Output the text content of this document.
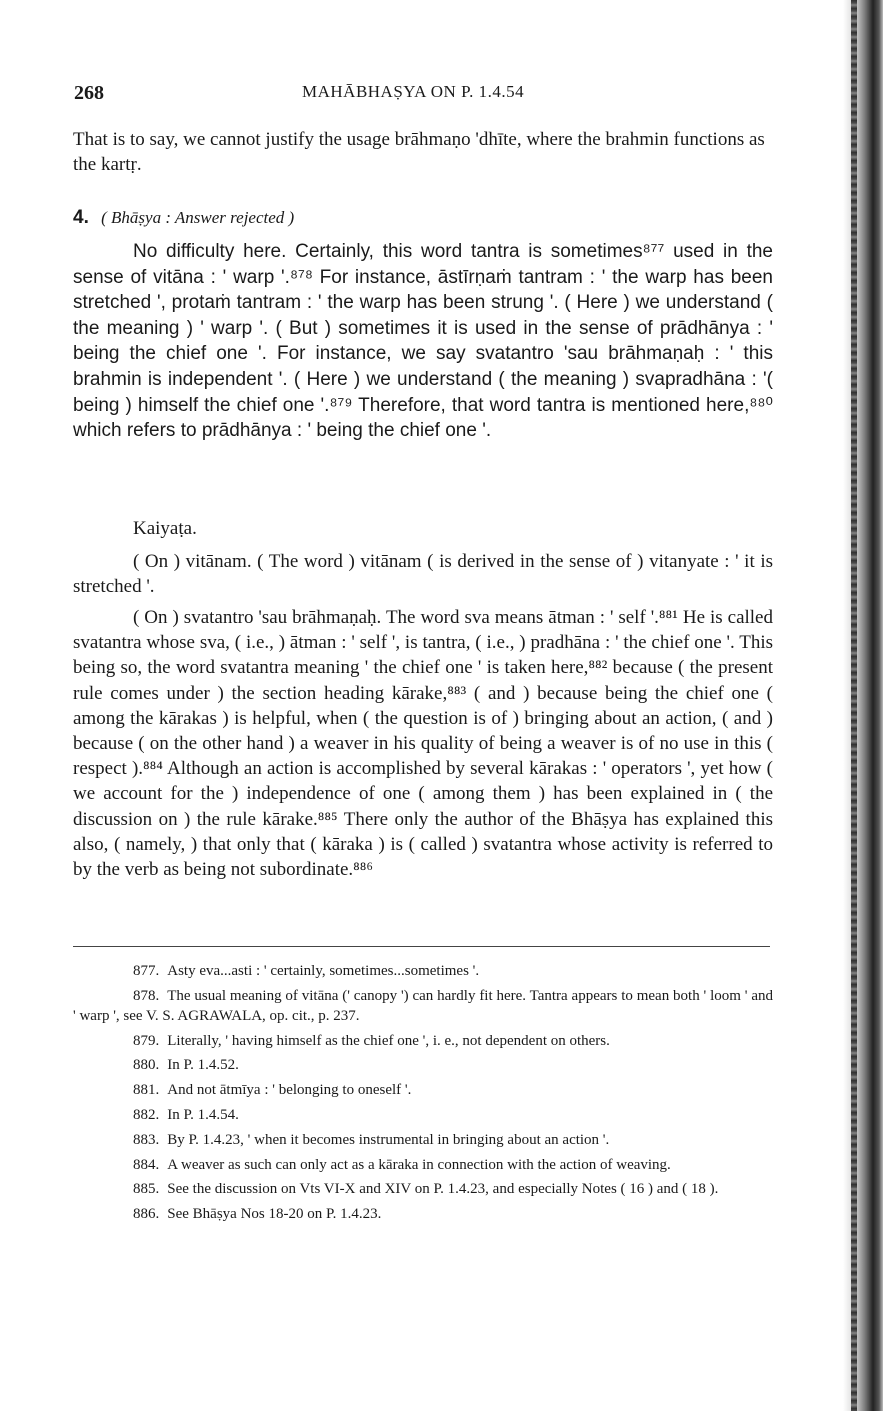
268	MAHĀBHAṢYA ON P. 1.4.54

That is to say, we cannot justify the usage brāhmaṇo 'dhīte, where the brahmin functions as the kartṛ.

4. ( Bhāṣya : Answer rejected )

No difficulty here. Certainly, this word tantra is sometimes⁸⁷⁷ used in the sense of vitāna : ' warp '.⁸⁷⁸ For instance, āstīrṇaṁ tantram : ' the warp has been stretched ', protaṁ tantram : ' the warp has been strung '. ( Here ) we understand ( the meaning ) ' warp '. ( But ) sometimes it is used in the sense of prādhānya : ' being the chief one '. For instance, we say svatantro 'sau brāhmaṇaḥ : ' this brahmin is independent '. ( Here ) we understand ( the meaning ) svapradhāna : '( being ) himself the chief one '.⁸⁷⁹ Therefore, that word tantra is mentioned here,⁸⁸⁰ which refers to prādhānya : ' being the chief one '.

Kaiyaṭa.

( On ) vitānam. ( The word ) vitānam ( is derived in the sense of ) vitanyate : ' it is stretched '.

( On ) svatantro 'sau brāhmaṇaḥ. The word sva means ātman : ' self '.⁸⁸¹ He is called svatantra whose sva, ( i.e., ) ātman : ' self ', is tantra, ( i.e., ) pradhāna : ' the chief one '. This being so, the word svatantra meaning ' the chief one ' is taken here,⁸⁸² because ( the present rule comes under ) the section heading kārake,⁸⁸³ ( and ) because being the chief one ( among the kārakas ) is helpful, when ( the question is of ) bringing about an action, ( and ) because ( on the other hand ) a weaver in his quality of being a weaver is of no use in this ( respect ).⁸⁸⁴ Although an action is accomplished by several kārakas : ' operators ', yet how ( we account for the ) independence of one ( among them ) has been explained in ( the discussion on ) the rule kārake.⁸⁸⁵ There only the author of the Bhāṣya has explained this also, ( namely, ) that only that ( kāraka ) is ( called ) svatantra whose activity is referred to by the verb as being not subordinate.⁸⁸⁶

877. Asty eva...asti : ' certainly, sometimes...sometimes '.

878. The usual meaning of vitāna (' canopy ') can hardly fit here. Tantra appears to mean both ' loom ' and ' warp ', see V. S. AGRAWALA, op. cit., p. 237.

879. Literally, ' having himself as the chief one ', i. e., not dependent on others.

880. In P. 1.4.52.

881. And not ātmīya : ' belonging to oneself '.

882. In P. 1.4.54.

883. By P. 1.4.23, ' when it becomes instrumental in bringing about an action '.

884. A weaver as such can only act as a kāraka in connection with the action of weaving.

885. See the discussion on Vts VI-X and XIV on P. 1.4.23, and especially Notes ( 16 ) and ( 18 ).

886. See Bhāṣya Nos 18-20 on P. 1.4.23.
